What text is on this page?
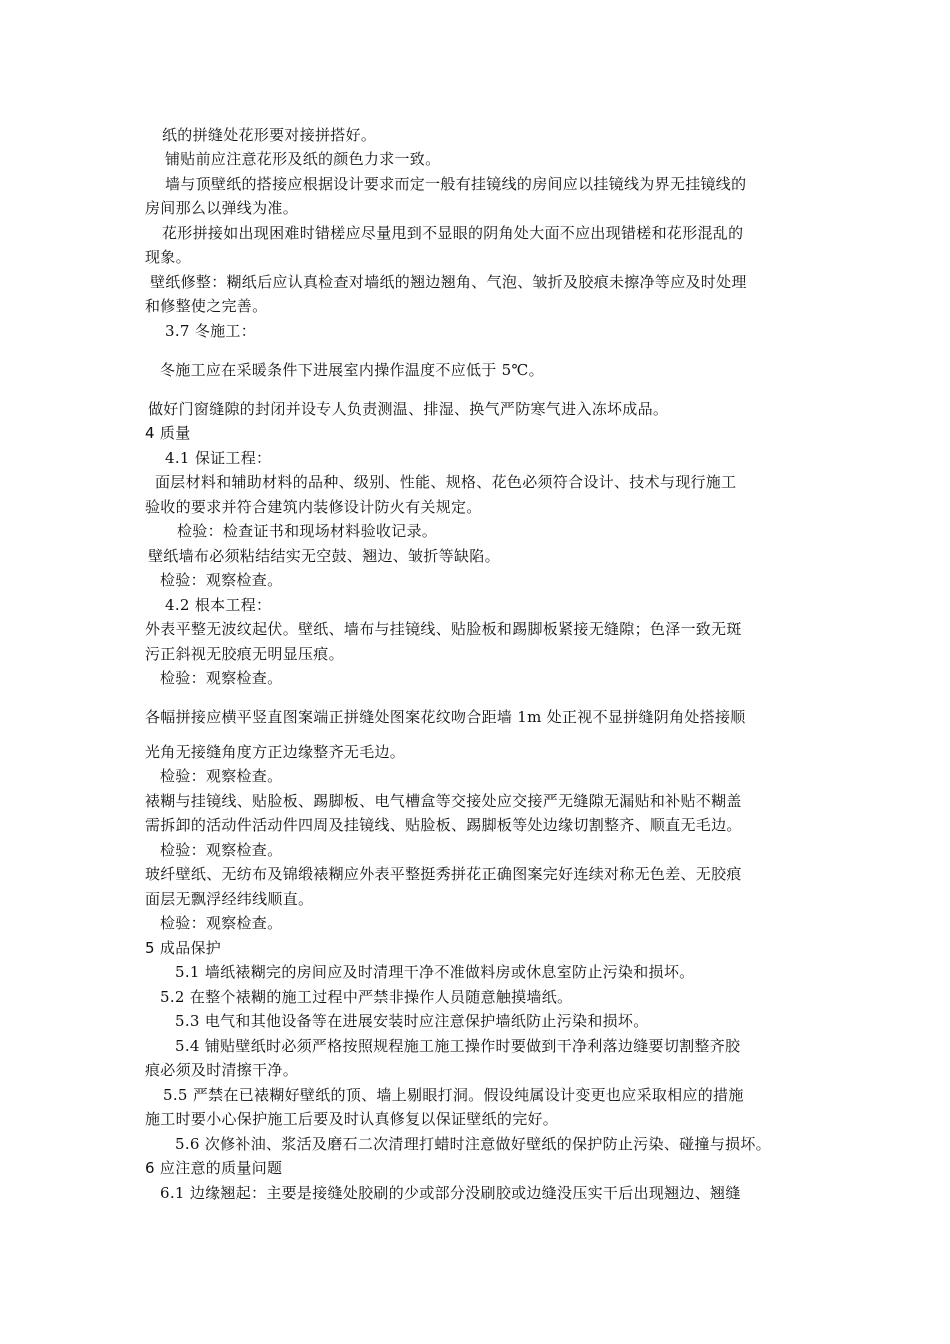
纸的拼缝处花形要对接拼搭好。
铺贴前应注意花形及纸的颜色力求一致。
墙与顶壁纸的搭接应根据设计要求而定一般有挂镜线的房间应以挂镜线为界无挂镜线的
房间那么以弹线为准。
花形拼接如出现困难时错槎应尽量甩到不显眼的阴角处大面不应出现错槎和花形混乱的
现象。
壁纸修整：糊纸后应认真检查对墙纸的翘边翘角、气泡、皱折及胶痕未擦净等应及时处理
和修整使之完善。
3.7 冬施工：
冬施工应在采暖条件下进展室内操作温度不应低于 5℃。
做好门窗缝隙的封闭并设专人负责测温、排湿、换气严防寒气进入冻坏成品。
4 质量
4.1 保证工程：
面层材料和辅助材料的品种、级别、性能、规格、花色必须符合设计、技术与现行施工
验收的要求并符合建筑内装修设计防火有关规定。
检验：检查证书和现场材料验收记录。
壁纸墙布必须粘结结实无空鼓、翘边、皱折等缺陷。
检验：观察检查。
4.2 根本工程：
外表平整无波纹起伏。壁纸、墙布与挂镜线、贴脸板和踢脚板紧接无缝隙；色泽一致无斑
污正斜视无胶痕无明显压痕。
检验：观察检查。
各幅拼接应横平竖直图案端正拼缝处图案花纹吻合距墙 1m 处正视不显拼缝阴角处搭接顺
光角无接缝角度方正边缘整齐无毛边。
检验：观察检查。
裱糊与挂镜线、贴脸板、踢脚板、电气槽盒等交接处应交接严无缝隙无漏贴和补贴不糊盖
需拆卸的活动件活动件四周及挂镜线、贴脸板、踢脚板等处边缘切割整齐、顺直无毛边。
检验：观察检查。
玻纤壁纸、无纺布及锦缎裱糊应外表平整挺秀拼花正确图案完好连续对称无色差、无胶痕
面层无飘浮经纬线顺直。
检验：观察检查。
5 成品保护
5.1 墙纸裱糊完的房间应及时清理干净不准做料房或休息室防止污染和损坏。
5.2 在整个裱糊的施工过程中严禁非操作人员随意触摸墙纸。
5.3 电气和其他设备等在进展安装时应注意保护墙纸防止污染和损坏。
5.4 铺贴壁纸时必须严格按照规程施工施工操作时要做到干净利落边缝要切割整齐胶
痕必须及时清擦干净。
5.5 严禁在已裱糊好壁纸的顶、墙上剔眼打洞。假设纯属设计变更也应采取相应的措施
施工时要小心保护施工后要及时认真修复以保证壁纸的完好。
5.6 次修补油、浆活及磨石二次清理打蜡时注意做好壁纸的保护防止污染、碰撞与损坏。
6 应注意的质量问题
6.1 边缘翘起：主要是接缝处胶刷的少或部分没刷胶或边缝没压实干后出现翘边、翘缝
